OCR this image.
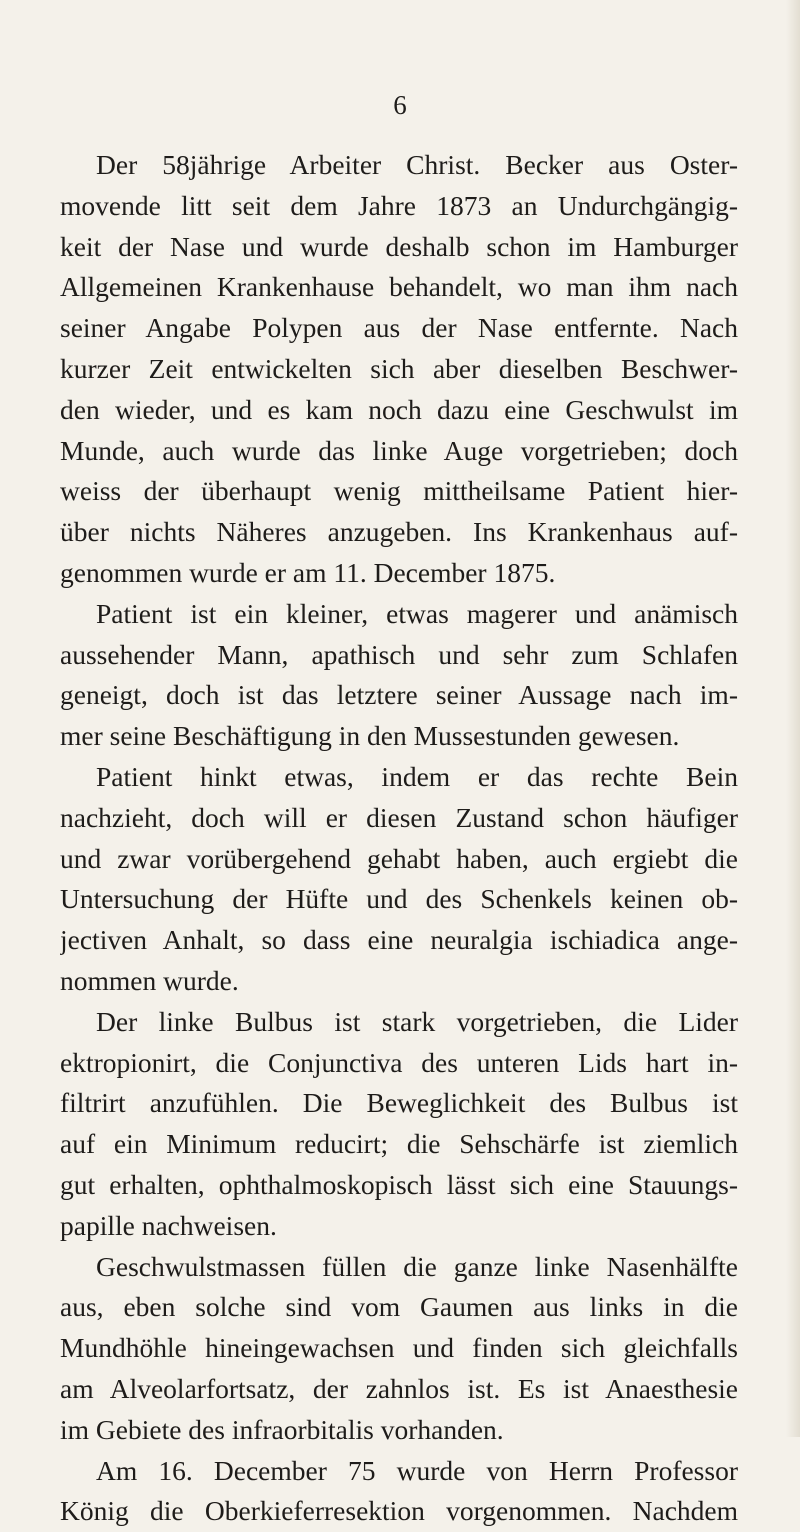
6
Der 58jährige Arbeiter Christ. Becker aus Oster-
movende litt seit dem Jahre 1873 an Undurchgängig-
keit der Nase und wurde deshalb schon im Hamburger
Allgemeinen Krankenhause behandelt, wo man ihm nach
seiner Angabe Polypen aus der Nase entfernte. Nach
kurzer Zeit entwickelten sich aber dieselben Beschwer-
den wieder, und es kam noch dazu eine Geschwulst im
Munde, auch wurde das linke Auge vorgetrieben; doch
weiss der überhaupt wenig mittheilsame Patient hier-
über nichts Näheres anzugeben. Ins Krankenhaus auf-
genommen wurde er am 11. December 1875.
Patient ist ein kleiner, etwas magerer und anämisch
aussehender Mann, apathisch und sehr zum Schlafen
geneigt, doch ist das letztere seiner Aussage nach im-
mer seine Beschäftigung in den Mussestunden gewesen.
Patient hinkt etwas, indem er das rechte Bein
nachzieht, doch will er diesen Zustand schon häufiger
und zwar vorübergehend gehabt haben, auch ergiebt die
Untersuchung der Hüfte und des Schenkels keinen ob-
jectiven Anhalt, so dass eine neuralgia ischiadica ange-
nommen wurde.
Der linke Bulbus ist stark vorgetrieben, die Lider
ektropionirt, die Conjunctiva des unteren Lids hart in-
filtrirt anzufühlen. Die Beweglichkeit des Bulbus ist
auf ein Minimum reducirt; die Sehschärfe ist ziemlich
gut erhalten, ophthalmoskopisch lässt sich eine Stauungs-
papille nachweisen.
Geschwulstmassen füllen die ganze linke Nasenhälfte
aus, eben solche sind vom Gaumen aus links in die
Mundhöhle hineingewachsen und finden sich gleichfalls
am Alveolarfortsatz, der zahnlos ist. Es ist Anaesthesie
im Gebiete des infraorbitalis vorhanden.
Am 16. December 75 wurde von Herrn Professor
König die Oberkieferresektion vorgenommen. Nachdem
